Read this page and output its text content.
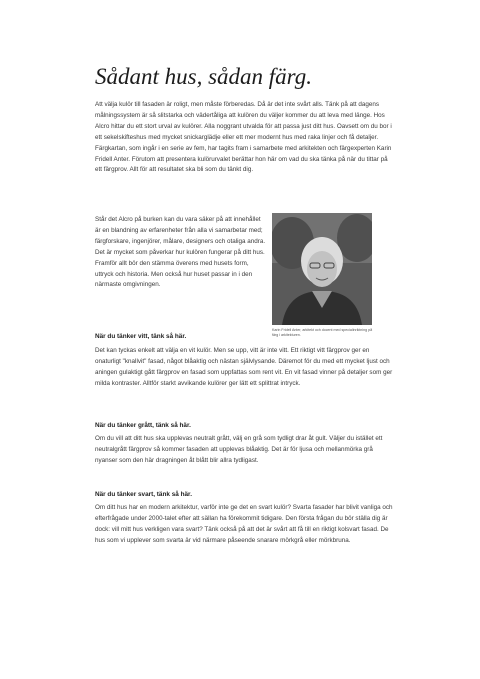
Sådant hus, sådan färg.

Att välja kulör till fasaden är roligt, men måste förberedas. Då är det inte svårt alls. Tänk på att dagens målningssystem är så slitstarka och vädertåliga att kulören du väljer kommer du att leva med länge. Hos Alcro hittar du ett stort urval av kulörer. Alla noggrant utvalda för att passa just ditt hus. Oavsett om du bor i ett sekelskifteshus med mycket snickarglädje eller ett mer modernt hus med raka linjer och få detaljer. Färgkartan, som ingår i en serie av fem, har tagits fram i samarbete med arkitekten och färgexperten Karin Fridell Anter. Förutom att presentera kulörurvalet berättar hon här om vad du ska tänka på när du tittar på ett färgprov. Allt för att resultatet ska bli som du tänkt dig.

Står det Alcro på burken kan du vara säker på att innehållet är en blandning av erfarenheter från alla vi samarbetar med; färgforskare, ingenjörer, målare, designers och otaliga andra. Det är mycket som påverkar hur kulören fungerar på ditt hus. Framför allt bör den stämma överens med husets form, uttryck och historia. Men också hur huset passar in i den närmaste omgivningen.

Karin Fridell Anter, arkitekt och docent med specialinriktning på färg i arkitekturen.

När du tänker vitt, tänk så här.

Det kan tyckas enkelt att välja en vit kulör. Men se upp, vitt är inte vitt. Ett riktigt vitt färgprov ger en onaturligt "knallvit" fasad, något blåaktig och nästan självlysande. Däremot för du med ett mycket ljust och aningen gulaktigt gått färgprov en fasad som uppfattas som rent vit. En vit fasad vinner på detaljer som ger milda kontraster. Alltför starkt avvikande kulörer ger lätt ett splittrat intryck.

När du tänker grått, tänk så här.

Om du vill att ditt hus ska upplevas neutralt grått, välj en grå som tydligt drar åt gult. Väljer du istället ett neutralgrått färgprov så kommer fasaden att upplevas blåaktig. Det är för ljusa och mellanmörka grå nyanser som den här dragningen åt blått blir allra tydligast.

När du tänker svart, tänk så här.

Om ditt hus har en modern arkitektur, varför inte ge det en svart kulör? Svarta fasader har blivit vanliga och efterfrågade under 2000-talet efter att sällan ha förekommit tidigare. Den första frågan du bör ställa dig är dock: vill mitt hus verkligen vara svart? Tänk också på att det är svårt att få till en riktigt kolsvart fasad. De hus som vi upplever som svarta är vid närmare påseende snarare mörkgrå eller mörkbruna.
